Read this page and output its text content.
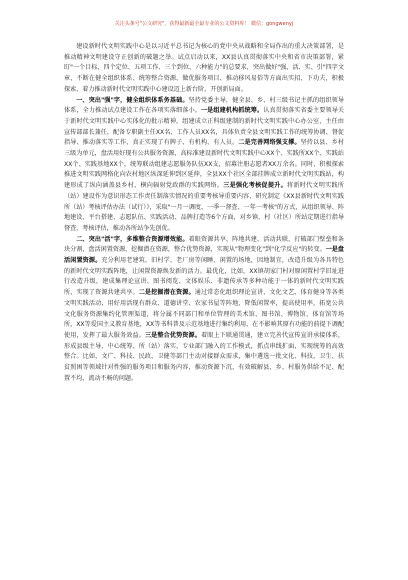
关注头条号"公文研究"，获得最新最全最专业的公文资料库！ 微信：gongwenyj

建设新时代文明实践中心是以习近平总书记为核心的党中央从战略和全局作出的重大决策部署，是推动精神文明建设守正创新的破题之举。试点启动以来，XX县认真贯彻落实中央和省市决策部署，紧盯"一个目标、四个定位、五项工作、三个到位、六种能力"的总要求，突出做好"强、活、实、引"四字文章，不断在健全组织体系、统筹整合资源、做优服务项目、推动移风易俗等方面出实招、下功夫，积极探索、着力推动新时代文明实践中心建设迈上新台阶，开创新局面。

一、突出"强"字，健全组织体系务基础。坚持党委主导，健全县、乡、村三级书记主抓的组织领导体系，全力推动试点建设工作在各项实落细落小。一是组建机构抓统筹。认真贯彻落实省委主要领导关于新时代文明实践中心实体化的批示精神，组建成立正科级建制的新时代文明实践中心办公室，主任由宣传部部长兼任，配备专职副主任XX名、工作人员XX名，具体负责全县文明实践工作的统筹协调、督促指导、推动落实等工作，真正实现了有牌子、有机构、有人员。二是完善网络强支撑。坚持以县、乡村三级为单元，盘活用好现有公共服务资源，高标准建设新时代文明实践中心XX个、实践所XX个、实践站XX个、实践基地XX个，统筹联动组建志愿服务队伍XX支，招募注册志愿者XX万余名。同时，积极探索推进文明实践网格化向农村地区纵深延伸到区延伸，全县XX个社区全部挂牌成立新时代文明实践站，构建形成了纵向涵盖县乡村、横向辐射党政群的实践网络。三是强化考核促提升。将新时代文明实践所（站）建设作为意识形态工作责任制落实情况的重要考核导重要内容，研究制定《XX县新时代文明实践所（站）考核评估办法（试行）》，采取"一月一调度、一季一督查、一年一考核"的方式，从组织领导、阵地建设、平台搭建、志愿队伍、实践活动、品牌打造等6个方面，对乡镇、村（社区）所站定期进行指导督查，考核评估，推动各所站争先创优。

二、突出"活"字，多维整合资源增效能。着眼资源共享、阵地共建、活动共联，打破部门壁垒和条块分割，盘活闲置资源，挖掘潜在资源，整合优势资源，实现从"物理变化"到"化学反应"的转变。一是盘活闲置资源。充分利用老建筑、旧村学、老厂房等闲睡、闲置的场地，因地制宜，改造升级为各具特色的新时代文明实践阵地，让闲置资源焕发新的活力。最优化，比如，XX镇胡家门村对原闲置村学旧址进行改造升级，建成集理论宣讲、图书阅览、文体娱乐、非遗传承等多种功能于一体的新时代文明实践所，实现了资源共建共享。二是挖掘潜在资源。通过常态化组织理论宣讲、文化文艺、体育健身等各类文明实践活动，用好用活现有群众、道德讲堂、农家书屋等阵地，降低闲置率，提高使用率，拓宽公共文化服务资源集约化管理渠道，将分属不同部门和单位管理的美术馆、图书馆、博物馆、体育馆等场所，XX等爱国主义教育基地，XX等书科普及示范基地进行集约利用，在不影响其原有功能的前提下调配使用，发挥了最大服务效益。三是整合优势资源。着眼上下联通贯通，建立完善代宣传宣讲承接体系，形成县级主导、中心统筹、所（站）落实、专业部门融入的工作模式，抓点串线扩面，实现统筹的高效整合。比如，文广、科技、民政、卫健等部门主动对接群众需求，集中遴选一批文化、科技、卫生、扶贫照困等领域针对性强的服务项目和服务内容，推动资源下沉，有效破解县、乡、村服务供给不足、配置不均、流动不畅的问题。
